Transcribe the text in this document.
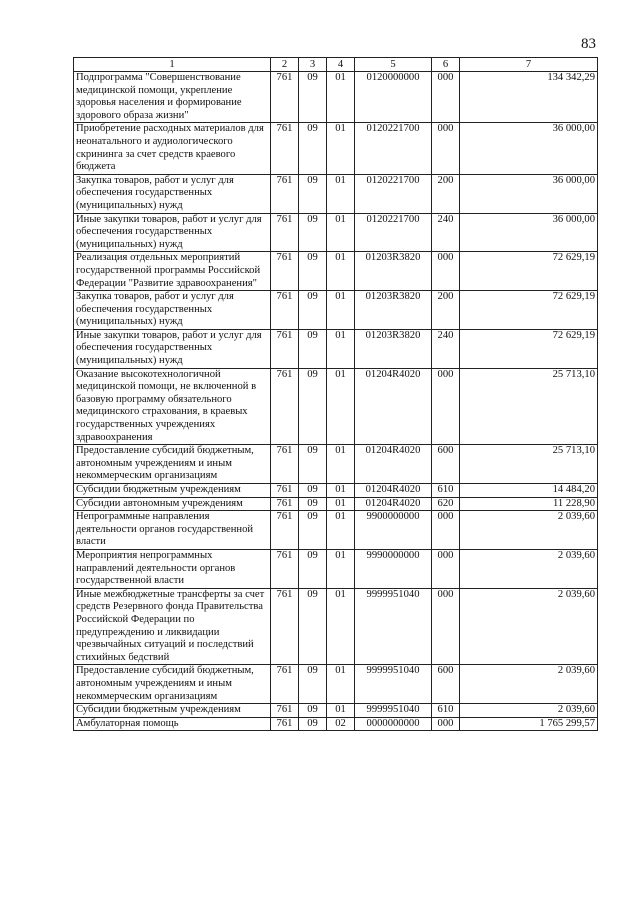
83
1	2	3	4	5	6	7
Подпрограмма "Совершенствование медицинской помощи, укрепление здоровья населения и формирование здорового образа жизни"	761	09	01	0120000000	000	134 342,29
Приобретение расходных материалов для неонатального и аудиологического скрининга за счет средств краевого бюджета	761	09	01	0120221700	000	36 000,00
Закупка товаров, работ и услуг для обеспечения государственных (муниципальных) нужд	761	09	01	0120221700	200	36 000,00
Иные закупки товаров, работ и услуг для обеспечения государственных (муниципальных) нужд	761	09	01	0120221700	240	36 000,00
Реализация отдельных мероприятий государственной программы Российской Федерации "Развитие здравоохранения"	761	09	01	01203R3820	000	72 629,19
Закупка товаров, работ и услуг для обеспечения государственных (муниципальных) нужд	761	09	01	01203R3820	200	72 629,19
Иные закупки товаров, работ и услуг для обеспечения государственных (муниципальных) нужд	761	09	01	01203R3820	240	72 629,19
Оказание высокотехнологичной медицинской помощи, не включенной в базовую программу обязательного медицинского страхования, в краевых государственных учреждениях здравоохранения	761	09	01	01204R4020	000	25 713,10
Предоставление субсидий бюджетным, автономным учреждениям и иным некоммерческим организациям	761	09	01	01204R4020	600	25 713,10
Субсидии бюджетным учреждениям	761	09	01	01204R4020	610	14 484,20
Субсидии автономным учреждениям	761	09	01	01204R4020	620	11 228,90
Непрограммные направления деятельности органов государственной власти	761	09	01	9900000000	000	2 039,60
Мероприятия непрограммных направлений деятельности органов государственной власти	761	09	01	9990000000	000	2 039,60
Иные межбюджетные трансферты за счет средств Резервного фонда Правительства Российской Федерации по предупреждению и ликвидации чрезвычайных ситуаций и последствий стихийных бедствий	761	09	01	9999951040	000	2 039,60
Предоставление субсидий бюджетным, автономным учреждениям и иным некоммерческим организациям	761	09	01	9999951040	600	2 039,60
Субсидии бюджетным учреждениям	761	09	01	9999951040	610	2 039,60
Амбулаторная помощь	761	09	02	0000000000	000	1 765 299,57
